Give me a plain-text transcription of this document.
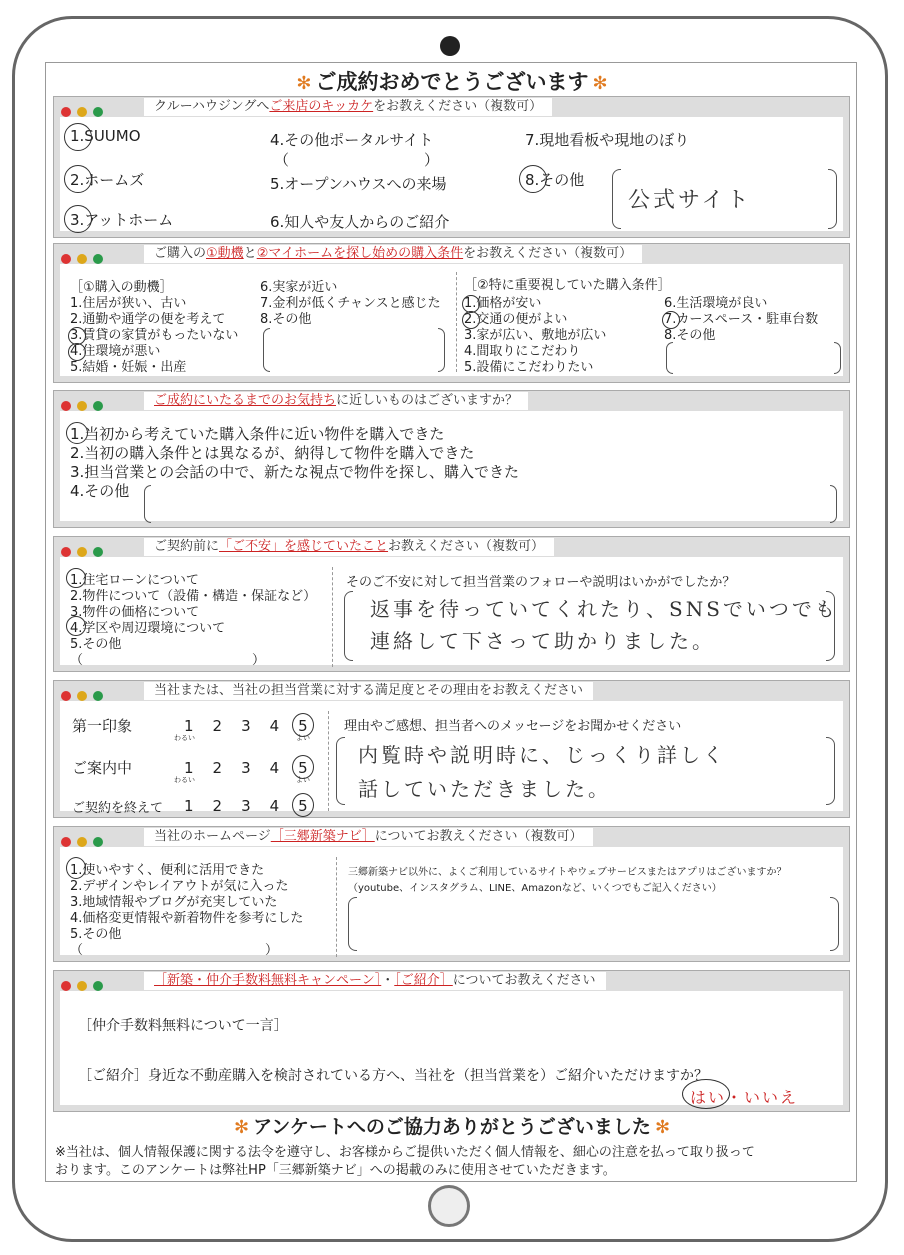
✻ ご成約おめでとうございます ✻
クルーハウジングへご来店のキッカケをお教えください（複数可）
1.SUUMO
2.ホームズ
3.アットホーム
4.その他ポータルサイト
（　　　　　　　　　）
5.オープンハウスへの来場
6.知人や友人からのご紹介
7.現地看板や現地のぼり
8.その他
公式サイト
ご購入の①動機と②マイホームを探し始めの購入条件をお教えください（複数可）
［①購入の動機］
1.住居が狭い、古い
2.通勤や通学の便を考えて
3.賃貸の家賃がもったいない
4.住環境が悪い
5.結婚・妊娠・出産
6.実家が近い
7.金利が低くチャンスと感じた
8.その他
［②特に重要視していた購入条件］
1.価格が安い
2.交通の便がよい
3.家が広い、敷地が広い
4.間取りにこだわり
5.設備にこだわりたい
6.生活環境が良い
7.カースペース・駐車台数
8.その他
ご成約にいたるまでのお気持ちに近しいものはございますか？
1.当初から考えていた購入条件に近い物件を購入できた
2.当初の購入条件とは異なるが、納得して物件を購入できた
3.担当営業との会話の中で、新たな視点で物件を探し、購入できた
4.その他
ご契約前に「ご不安」を感じていたことお教えください（複数可）
1.住宅ローンについて
2.物件について（設備・構造・保証など）
3.物件の価格について
4.学区や周辺環境について
5.その他
（　　　　　　　　　　　　　）
そのご不安に対して担当営業のフォローや説明はいかがでしたか？
返事を待っていてくれたり、SNSでいつでも
連絡して下さって助かりました。
当社または、当社の担当営業に対する満足度とその理由をお教えください
第一印象	1　2　3　4　5
わるい	よい
ご案内中	1　2　3　4　5
わるい	よい
ご契約を終えて 1　2　3　4　5
理由やご感想、担当者へのメッセージをお聞かせください
内覧時や説明時に、じっくり詳しく
話していただきました。
当社のホームページ［三郷新築ナビ］についてお教えください（複数可）
1.使いやすく、便利に活用できた
2.デザインやレイアウトが気に入った
3.地域情報やブログが充実していた
4.価格変更情報や新着物件を参考にした
5.その他
（　　　　　　　　　　　　　　）
三郷新築ナビ以外に、よくご利用しているサイトやウェブサービスまたはアプリはございますか？
（youtube、インスタグラム、LINE、Amazonなど、いくつでもご記入ください）
［新築・仲介手数料無料キャンペーン］・［ご紹介］についてお教えください
［仲介手数料無料について一言］
［ご紹介］身近な不動産購入を検討されている方へ、当社を（担当営業を）ご紹介いただけますか？
はい・いいえ
✻ アンケートへのご協力ありがとうございました ✻
※当社は、個人情報保護に関する法令を遵守し、お客様からご提供いただく個人情報を、細心の注意を払って取り扱って
おります。このアンケートは弊社HP「三郷新築ナビ」への掲載のみに使用させていただきます。
